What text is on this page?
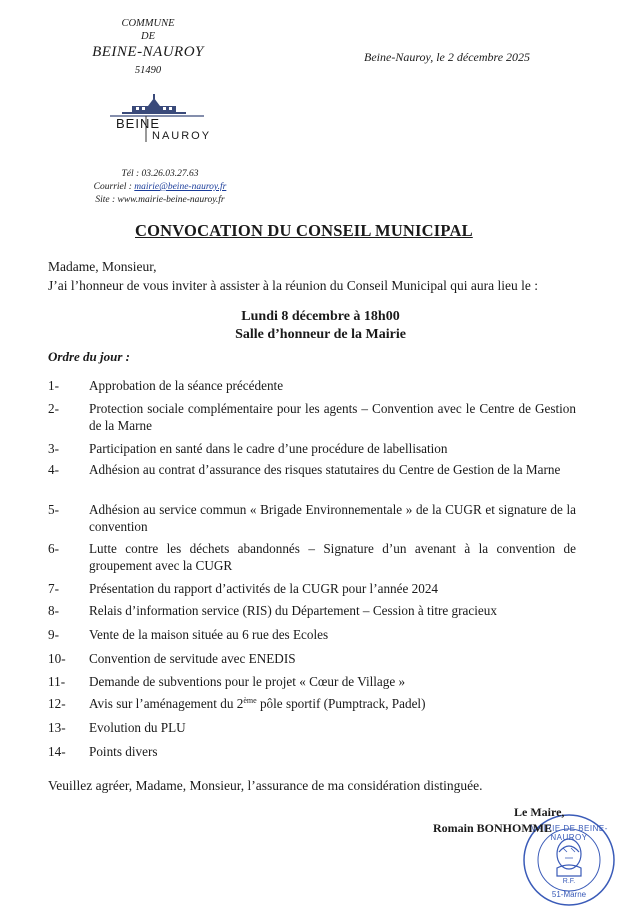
COMMUNE
DE
BEINE-NAUROY
51490
Beine-Nauroy, le 2 décembre 2025
BEINE
NAUROY
Tél : 03.26.03.27.63
Courriel : mairie@beine-nauroy.fr
Site : www.mairie-beine-nauroy.fr
CONVOCATION DU CONSEIL MUNICIPAL
Madame, Monsieur,
J’ai l’honneur de vous inviter à assister à la réunion du Conseil Municipal qui aura lieu le :
Lundi 8 décembre à 18h00
Salle d’honneur de la Mairie
Ordre du jour :
1-	Approbation de la séance précédente
2-	Protection sociale complémentaire pour les agents – Convention avec le Centre de Gestion de la Marne
3-	Participation en santé dans le cadre d’une procédure de labellisation
4-	Adhésion au contrat d’assurance des risques statutaires du Centre de Gestion de la Marne
5-	Adhésion au service commun « Brigade Environnementale » de la CUGR et signature de la convention
6-	Lutte contre les déchets abandonnés – Signature d’un avenant à la convention de groupement avec la CUGR
7-	Présentation du rapport d’activités de la CUGR pour l’année 2024
8-	Relais d’information service (RIS) du Département – Cession à titre gracieux
9-	Vente de la maison située au 6 rue des Ecoles
10-	Convention de servitude avec ENEDIS
11-	Demande de subventions pour le projet « Cœur de Village »
12-	Avis sur l’aménagement du 2ème pôle sportif (Pumptrack, Padel)
13-	Evolution du PLU
14-	Points divers
Veuillez agréer, Madame, Monsieur, l’assurance de ma considération distinguée.
MAIRIE DE BEINE-NAUROY
R.F.
51-Marne
Le Maire,
Romain BONHOMME
